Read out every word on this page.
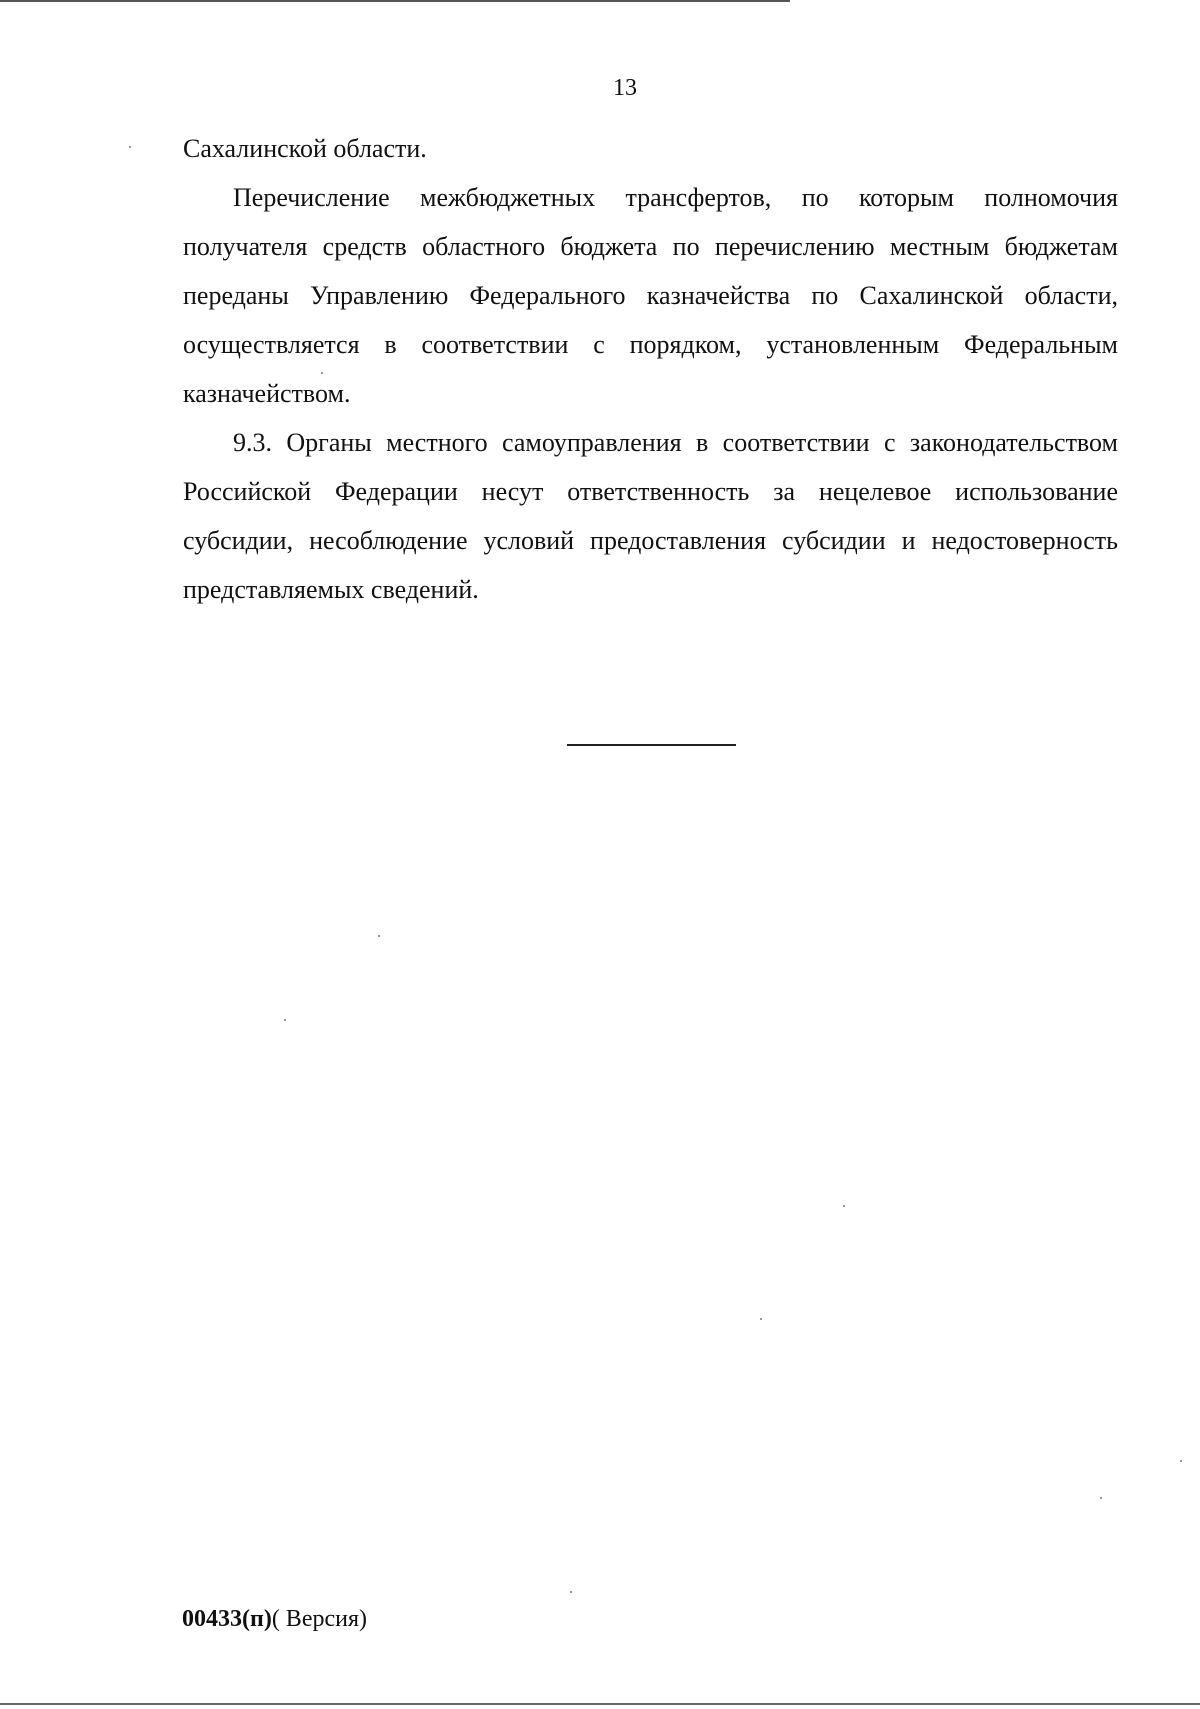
13

Сахалинской области.

Перечисление межбюджетных трансфертов, по которым полномочия получателя средств областного бюджета по перечислению местным бюджетам переданы Управлению Федерального казначейства по Сахалинской области, осуществляется в соответствии с порядком, установленным Федеральным казначейством.

9.3. Органы местного самоуправления в соответствии с законодательством Российской Федерации несут ответственность за нецелевое использование субсидии, несоблюдение условий предоставления субсидии и недостоверность представляемых сведений.

00433(п)( Версия)
